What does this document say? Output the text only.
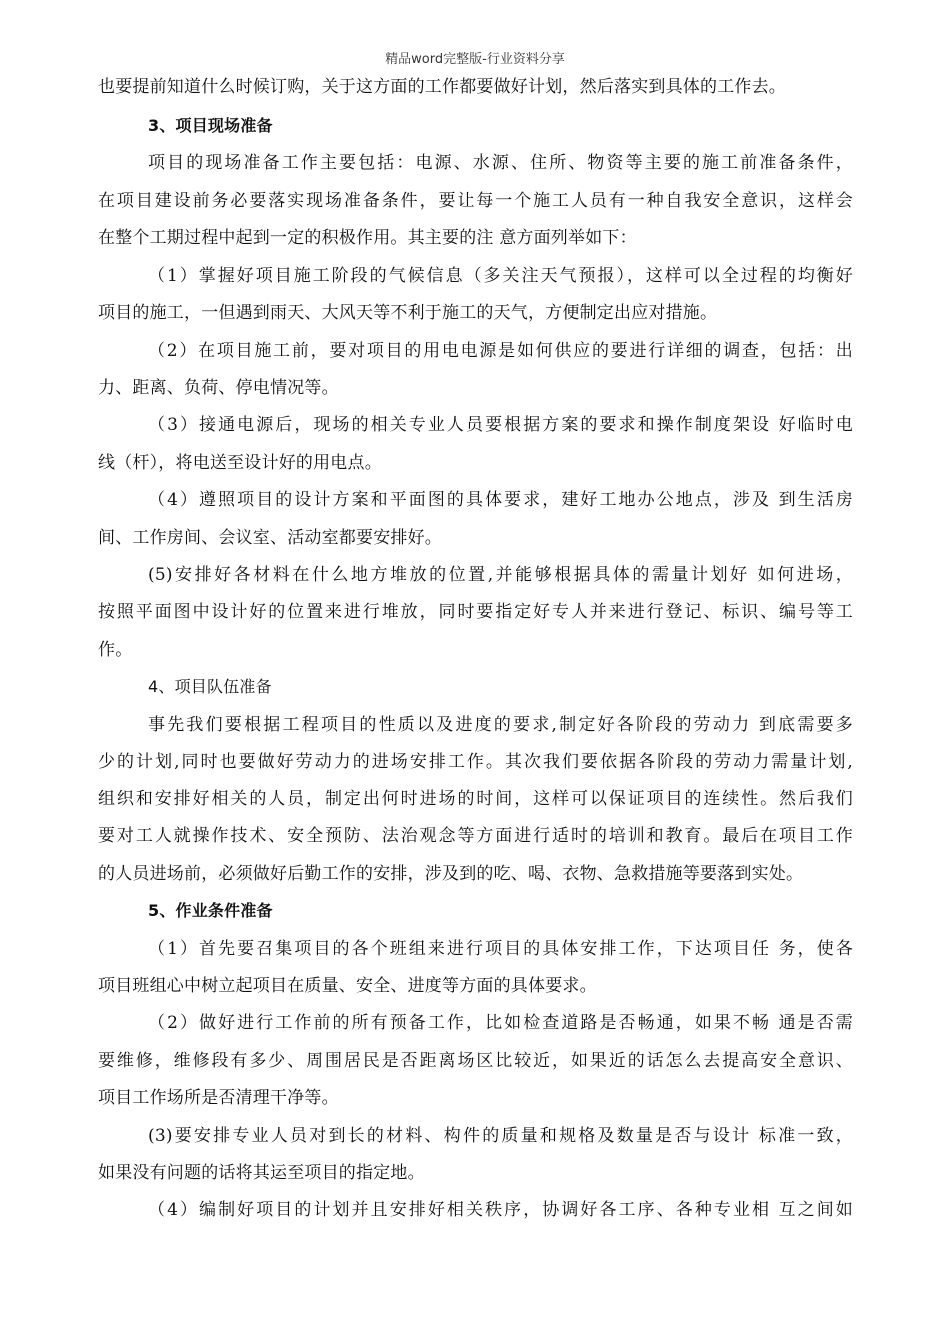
精品word完整版-行业资料分享
也要提前知道什么时候订购，关于这方面的工作都要做好计划，然后落实到具体的工作去。
3、项目现场准备
项目的现场准备工作主要包括：电源、水源、住所、物资等主要的施工前准备条件，
在项目建设前务必要落实现场准备条件，要让每一个施工人员有一种自我安全意识，这样会
在整个工期过程中起到一定的积极作用。其主要的注 意方面列举如下：
（1）掌握好项目施工阶段的气候信息（多关注天气预报），这样可以全过程的均衡好
项目的施工，一但遇到雨天、大风天等不利于施工的天气，方便制定出应对措施。
（2）在项目施工前，要对项目的用电电源是如何供应的要进行详细的调查，包括：出
力、距离、负荷、停电情况等。
（3）接通电源后，现场的相关专业人员要根据方案的要求和操作制度架设 好临时电
线（杆），将电送至设计好的用电点。
（4）遵照项目的设计方案和平面图的具体要求，建好工地办公地点，涉及 到生活房
间、工作房间、会议室、活动室都要安排好。
(5)安排好各材料在什么地方堆放的位置,并能够根据具体的需量计划好 如何进场，
按照平面图中设计好的位置来进行堆放，同时要指定好专人并来进行登记、标识、编号等工
作。
4、项目队伍准备
事先我们要根据工程项目的性质以及进度的要求,制定好各阶段的劳动力 到底需要多
少的计划,同时也要做好劳动力的进场安排工作。其次我们要依据各阶段的劳动力需量计划,
组织和安排好相关的人员，制定出何时进场的时间，这样可以保证项目的连续性。然后我们
要对工人就操作技术、安全预防、法治观念等方面进行适时的培训和教育。最后在项目工作
的人员进场前，必须做好后勤工作的安排，涉及到的吃、喝、衣物、急救措施等要落到实处。
5、作业条件准备
（1）首先要召集项目的各个班组来进行项目的具体安排工作，下达项目任 务，使各
项目班组心中树立起项目在质量、安全、进度等方面的具体要求。
（2）做好进行工作前的所有预备工作，比如检查道路是否畅通，如果不畅 通是否需
要维修，维修段有多少、周围居民是否距离场区比较近，如果近的话怎么去提高安全意识、
项目工作场所是否清理干净等。
(3)要安排专业人员对到长的材料、构件的质量和规格及数量是否与设计 标准一致，
如果没有问题的话将其运至项目的指定地。
（4）编制好项目的计划并且安排好相关秩序，协调好各工序、各种专业相 互之间如
